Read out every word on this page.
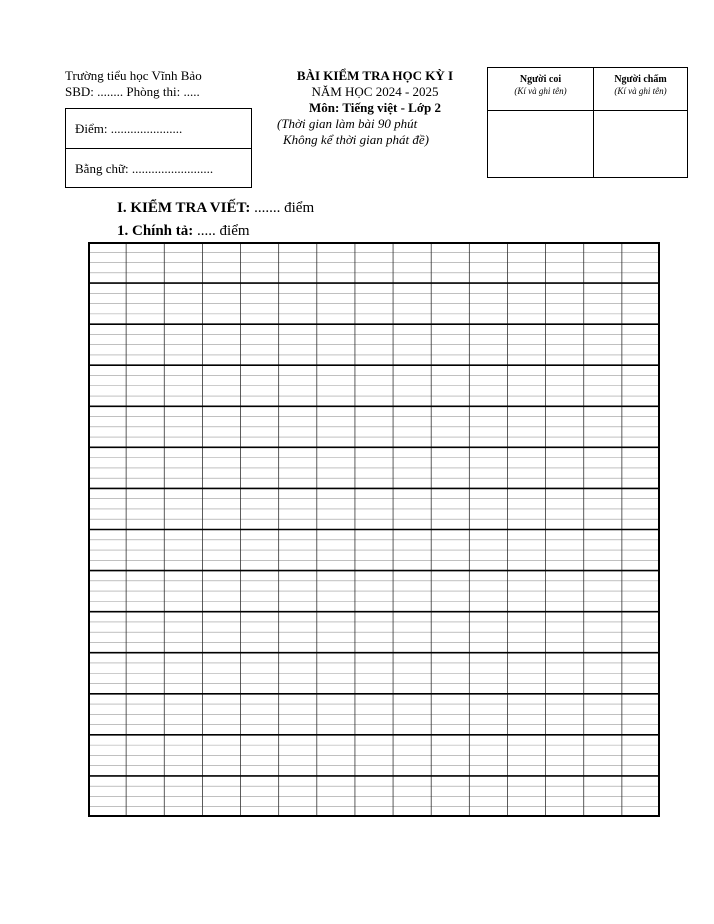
Trường tiểu học Vĩnh Bảo
SBD: ........ Phòng thi: .....
Điểm: ......................
Bằng chữ: .........................
BÀI KIỂM TRA HỌC KỲ I
NĂM HỌC 2024 - 2025
Môn: Tiếng việt - Lớp 2
(Thời gian làm bài 90 phút
Không kể thời gian phát đề)
Người coi
(Kí và ghi tên)
Người chấm
(Kí và ghi tên)
I. KIỂM TRA VIẾT: ....... điểm
1. Chính tả: ..... điểm
